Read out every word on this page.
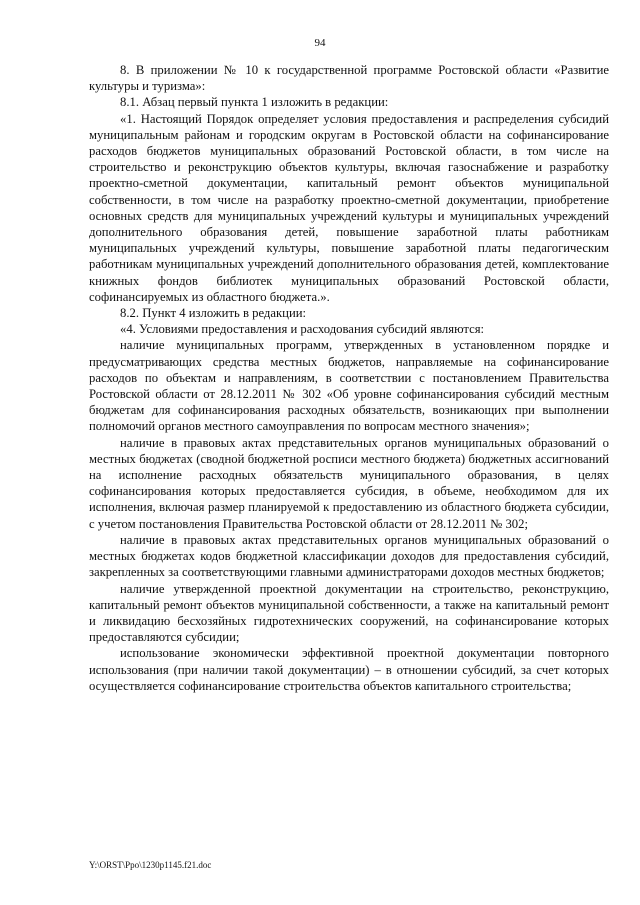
94

8. В приложении № 10 к государственной программе Ростовской области «Развитие культуры и туризма»:

8.1. Абзац первый пункта 1 изложить в редакции:

«1. Настоящий Порядок определяет условия предоставления и распределения субсидий муниципальным районам и городским округам в Ростовской области на софинансирование расходов бюджетов муниципальных образований Ростовской области, в том числе на строительство и реконструкцию объектов культуры, включая газоснабжение и разработку проектно-сметной документации, капитальный ремонт объектов муниципальной собственности, в том числе на разработку проектно-сметной документации, приобретение основных средств для муниципальных учреждений культуры и муниципальных учреждений дополнительного образования детей, повышение заработной платы работникам муниципальных учреждений культуры, повышение заработной платы педагогическим работникам муниципальных учреждений дополнительного образования детей, комплектование книжных фондов библиотек муниципальных образований Ростовской области, софинансируемых из областного бюджета.».

8.2. Пункт 4 изложить в редакции:

«4. Условиями предоставления и расходования субсидий являются:

наличие муниципальных программ, утвержденных в установленном порядке и предусматривающих средства местных бюджетов, направляемые на софинансирование расходов по объектам и направлениям, в соответствии с постановлением Правительства Ростовской области от 28.12.2011 № 302 «Об уровне софинансирования субсидий местным бюджетам для софинансирования расходных обязательств, возникающих при выполнении полномочий органов местного самоуправления по вопросам местного значения»;

наличие в правовых актах представительных органов муниципальных образований о местных бюджетах (сводной бюджетной росписи местного бюджета) бюджетных ассигнований на исполнение расходных обязательств муниципального образования, в целях софинансирования которых предоставляется субсидия, в объеме, необходимом для их исполнения, включая размер планируемой к предоставлению из областного бюджета субсидии, с учетом постановления Правительства Ростовской области от 28.12.2011 № 302;

наличие в правовых актах представительных органов муниципальных образований о местных бюджетах кодов бюджетной классификации доходов для предоставления субсидий, закрепленных за соответствующими главными администраторами доходов местных бюджетов;

наличие утвержденной проектной документации на строительство, реконструкцию, капитальный ремонт объектов муниципальной собственности, а также на капитальный ремонт и ликвидацию бесхозяйных гидротехнических сооружений, на софинансирование которых предоставляются субсидии;

использование экономически эффективной проектной документации повторного использования (при наличии такой документации) – в отношении субсидий, за счет которых осуществляется софинансирование строительства объектов капитального строительства;

Y:\ORST\Ppo\1230p1145.f21.doc
